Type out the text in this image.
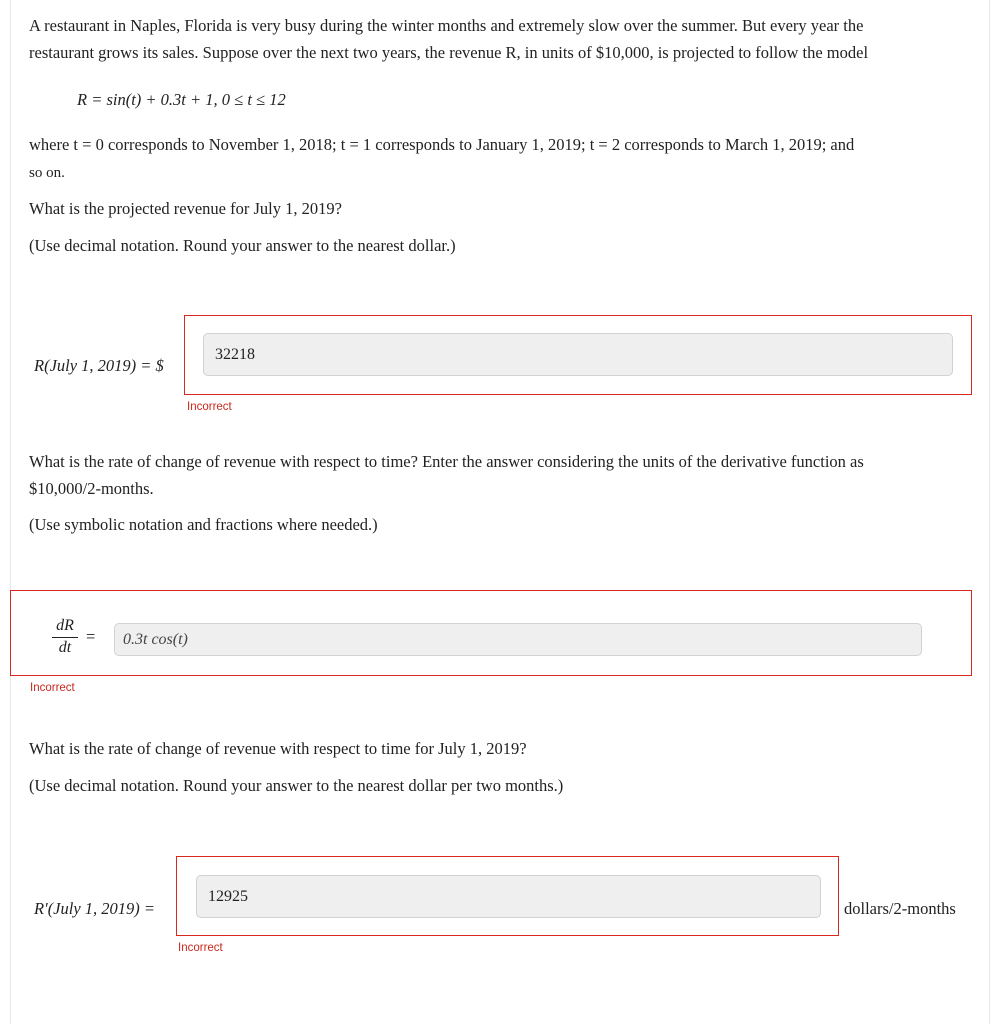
A restaurant in Naples, Florida is very busy during the winter months and extremely slow over the summer. But every year the

restaurant grows its sales. Suppose over the next two years, the revenue R, in units of $10,000, is projected to follow the model

R = sin(t) + 0.3t + 1, 0 ≤ t ≤ 12

where t = 0 corresponds to November 1, 2018; t = 1 corresponds to January 1, 2019; t = 2 corresponds to March 1, 2019; and

so on.

What is the projected revenue for July 1, 2019?

(Use decimal notation. Round your answer to the nearest dollar.)

R(July 1, 2019) = $
32218
Incorrect

What is the rate of change of revenue with respect to time? Enter the answer considering the units of the derivative function as

$10,000/2-months.

(Use symbolic notation and fractions where needed.)

$\frac{dR}{dt}$ =	0.3t cos(t)
Incorrect

What is the rate of change of revenue with respect to time for July 1, 2019?

(Use decimal notation. Round your answer to the nearest dollar per two months.)

R′(July 1, 2019) =
12925
dollars/2-months
Incorrect
